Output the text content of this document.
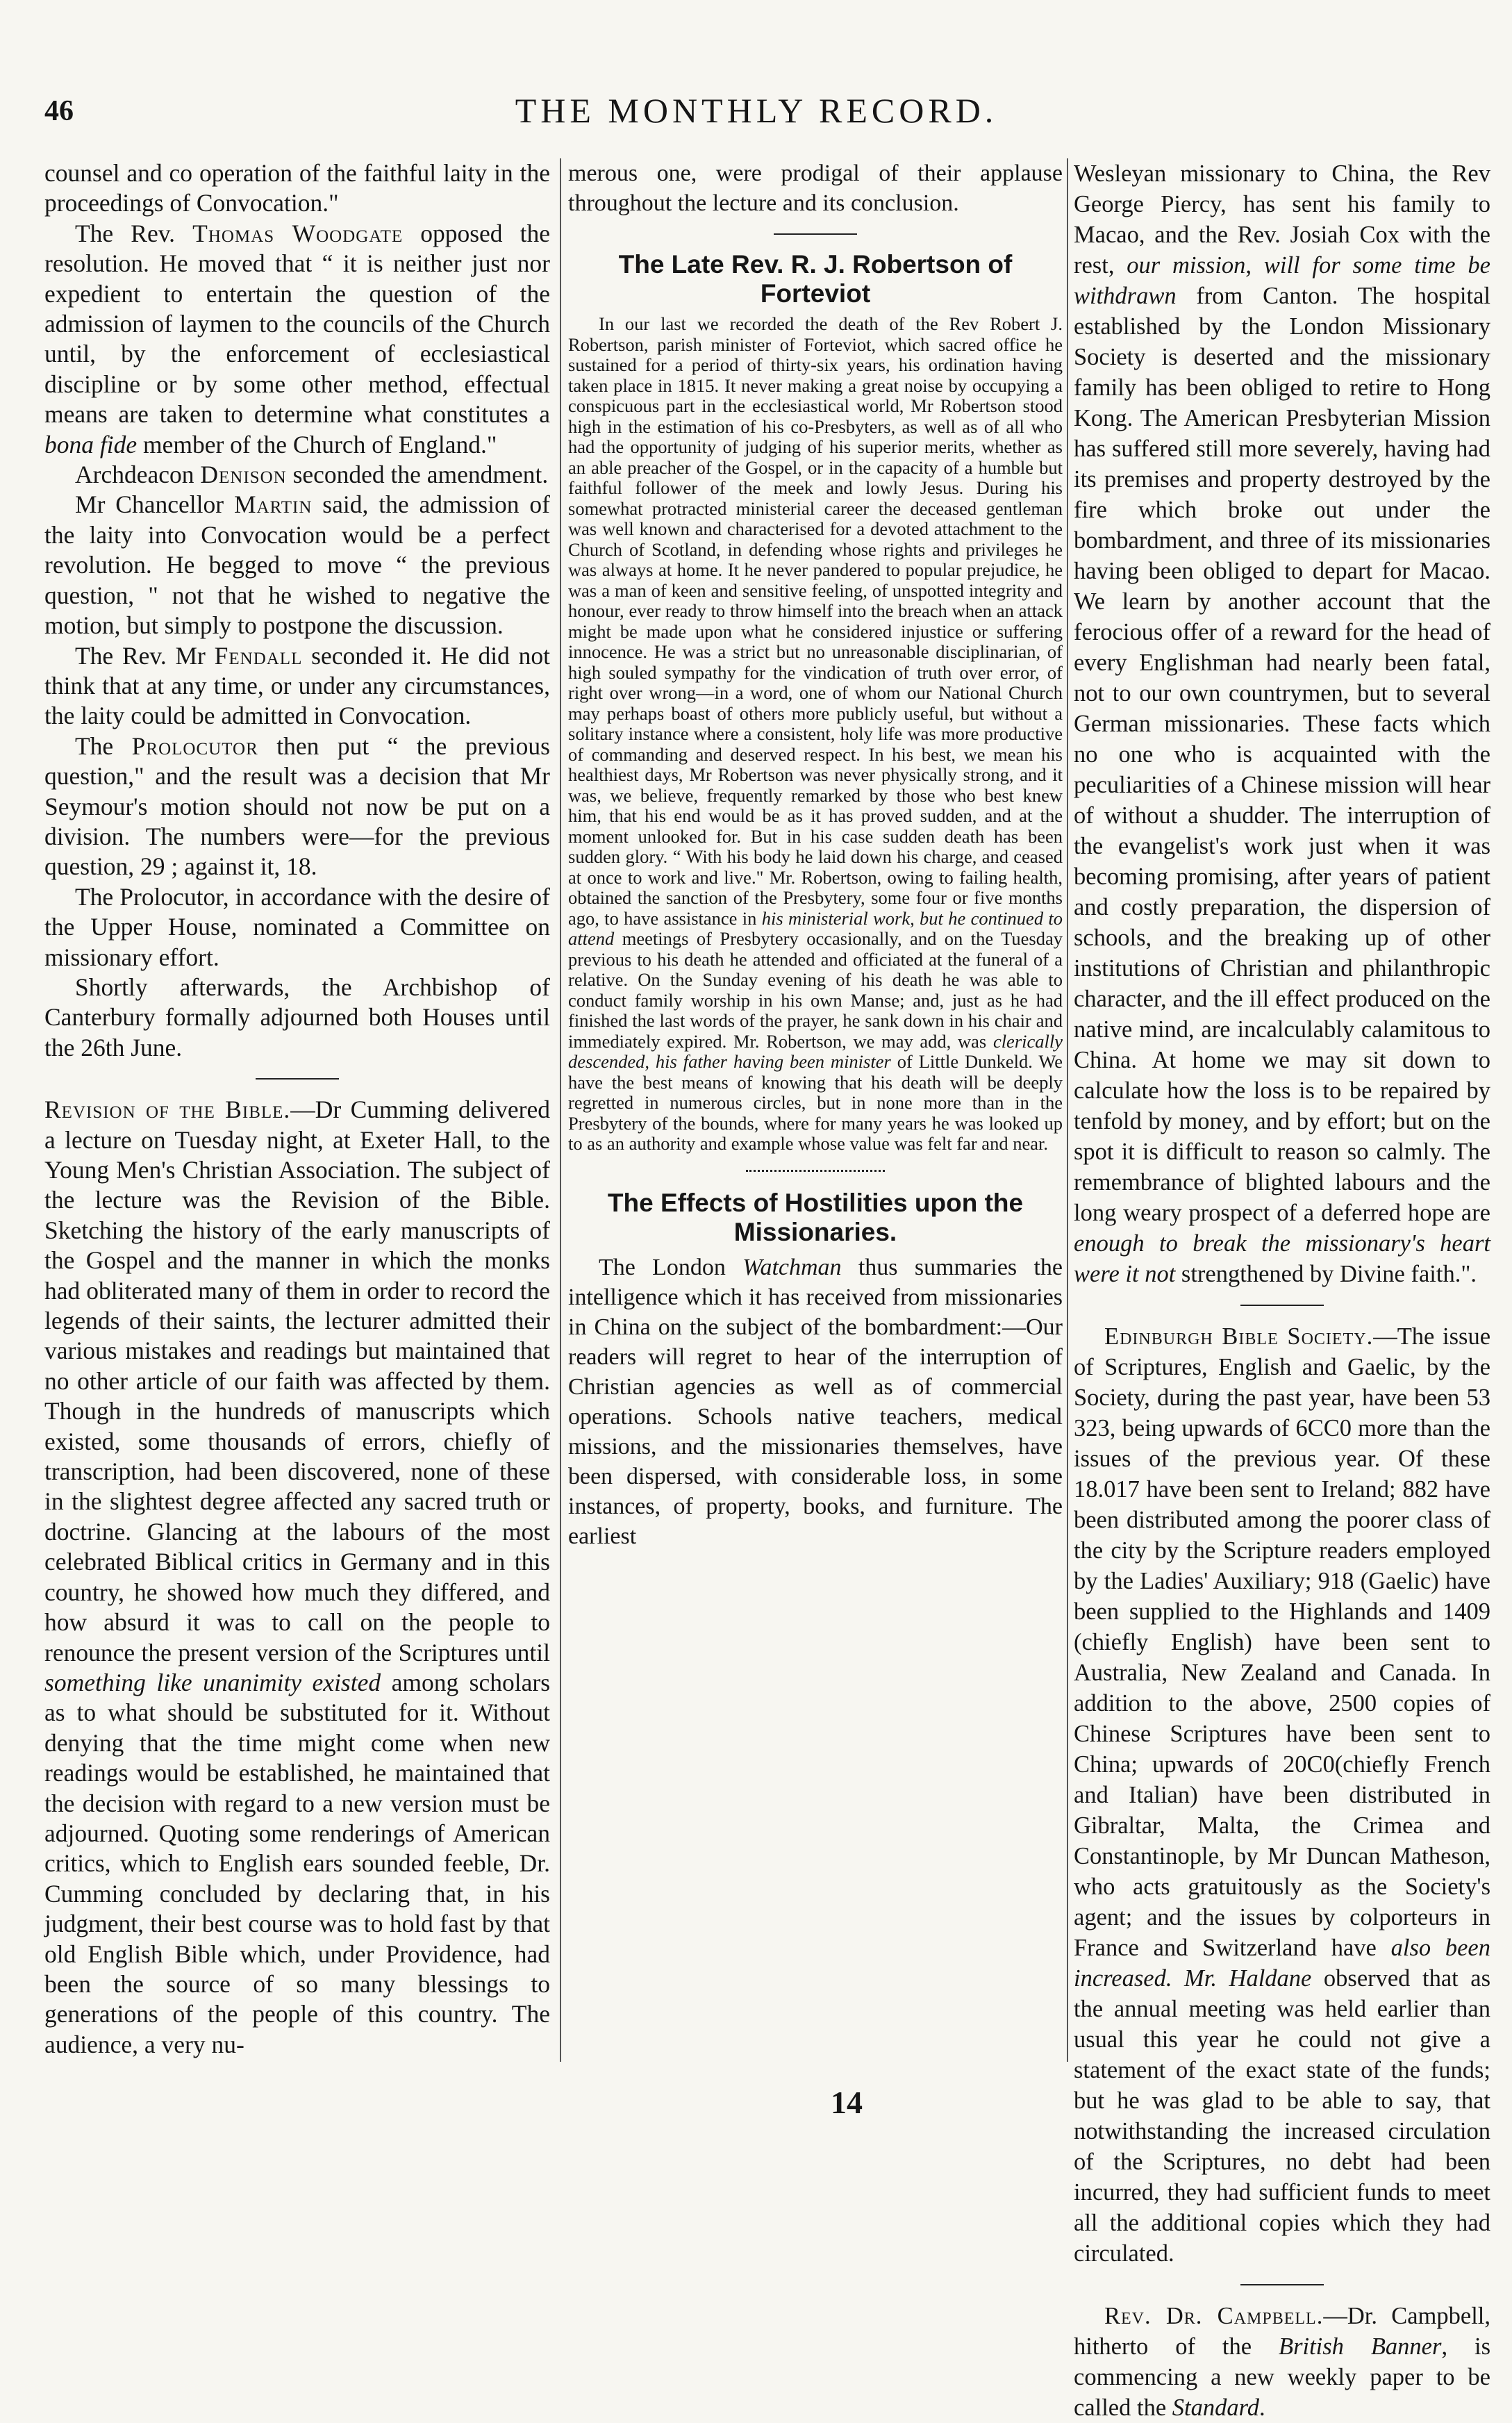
46	THE MONTHLY RECORD.

counsel and co operation of the faithful laity in the proceedings of Convocation."

The Rev. Thomas Woodgate opposed the resolution. He moved that “ it is neither just nor expedient to entertain the question of the admission of laymen to the councils of the Church until, by the enforcement of ecclesiastical discipline or by some other method, effectual means are taken to determine what constitutes a bona fide member of the Church of England."

Archdeacon Denison seconded the amendment.

Mr Chancellor Martin said, the admission of the laity into Convocation would be a perfect revolution. He begged to move “ the previous question, " not that he wished to negative the motion, but simply to postpone the discussion.

The Rev. Mr Fendall seconded it. He did not think that at any time, or under any circumstances, the laity could be admitted in Convocation.

The Prolocutor then put “ the previous question," and the result was a decision that Mr Seymour's motion should not now be put on a division. The numbers were—for the previous question, 29 ; against it, 18.

The Prolocutor, in accordance with the desire of the Upper House, nominated a Committee on missionary effort.

Shortly afterwards, the Archbishop of Canterbury formally adjourned both Houses until the 26th June.

Revision of the Bible.—Dr Cumming delivered a lecture on Tuesday night, at Exeter Hall, to the Young Men's Christian Association. The subject of the lecture was the Revision of the Bible. Sketching the history of the early manuscripts of the Gospel and the manner in which the monks had obliterated many of them in order to record the legends of their saints, the lecturer admitted their various mistakes and readings but maintained that no other article of our faith was affected by them. Though in the hundreds of manuscripts which existed, some thousands of errors, chiefly of transcription, had been discovered, none of these in the slightest degree affected any sacred truth or doctrine. Glancing at the labours of the most celebrated Biblical critics in Germany and in this country, he showed how much they differed, and how absurd it was to call on the people to renounce the present version of the Scriptures until something like unanimity existed among scholars as to what should be substituted for it. Without denying that the time might come when new readings would be established, he maintained that the decision with regard to a new version must be adjourned. Quoting some renderings of American critics, which to English ears sounded feeble, Dr. Cumming concluded by declaring that, in his judgment, their best course was to hold fast by that old English Bible which, under Providence, had been the source of so many blessings to generations of the people of this country. The audience, a very nu-

merous one, were prodigal of their applause throughout the lecture and its conclusion.

The Late Rev. R. J. Robertson of Forteviot

In our last we recorded the death of the Rev Robert J. Robertson, parish minister of Forteviot, which sacred office he sustained for a period of thirty-six years, his ordination having taken place in 1815. It never making a great noise by occupying a conspicuous part in the ecclesiastical world, Mr Robertson stood high in the estimation of his co-Presbyters, as well as of all who had the opportunity of judging of his superior merits, whether as an able preacher of the Gospel, or in the capacity of a humble but faithful follower of the meek and lowly Jesus. During his somewhat protracted ministerial career the deceased gentleman was well known and characterised for a devoted attachment to the Church of Scotland, in defending whose rights and privileges he was always at home. It he never pandered to popular prejudice, he was a man of keen and sensitive feeling, of unspotted integrity and honour, ever ready to throw himself into the breach when an attack might be made upon what he considered injustice or suffering innocence. He was a strict but no unreasonable disciplinarian, of high souled sympathy for the vindication of truth over error, of right over wrong—in a word, one of whom our National Church may perhaps boast of others more publicly useful, but without a solitary instance where a consistent, holy life was more productive of commanding and deserved respect. In his best, we mean his healthiest days, Mr Robertson was never physically strong, and it was, we believe, frequently remarked by those who best knew him, that his end would be as it has proved sudden, and at the moment unlooked for. But in his case sudden death has been sudden glory. “ With his body he laid down his charge, and ceased at once to work and live." Mr. Robertson, owing to failing health, obtained the sanction of the Presbytery, some four or five months ago, to have assistance in his ministerial work, but he continued to attend meetings of Presbytery occasionally, and on the Tuesday previous to his death he attended and officiated at the funeral of a relative. On the Sunday evening of his death he was able to conduct family worship in his own Manse; and, just as he had finished the last words of the prayer, he sank down in his chair and immediately expired. Mr. Robertson, we may add, was clerically descended, his father having been minister of Little Dunkeld. We have the best means of knowing that his death will be deeply regretted in numerous circles, but in none more than in the Presbytery of the bounds, where for many years he was looked up to as an authority and example whose value was felt far and near.

The Effects of Hostilities upon the Missionaries.

The London Watchman thus summaries the intelligence which it has received from missionaries in China on the subject of the bombardment:—Our readers will regret to hear of the interruption of Christian agencies as well as of commercial operations. Schools native teachers, medical missions, and the missionaries themselves, have been dispersed, with considerable loss, in some instances, of property, books, and furniture. The earliest

Wesleyan missionary to China, the Rev George Piercy, has sent his family to Macao, and the Rev. Josiah Cox with the rest, our mission, will for some time be withdrawn from Canton. The hospital established by the London Missionary Society is deserted and the missionary family has been obliged to retire to Hong Kong. The American Presbyterian Mission has suffered still more severely, having had its premises and property destroyed by the fire which broke out under the bombardment, and three of its missionaries having been obliged to depart for Macao. We learn by another account that the ferocious offer of a reward for the head of every Englishman had nearly been fatal, not to our own countrymen, but to several German missionaries. These facts which no one who is acquainted with the peculiarities of a Chinese mission will hear of without a shudder. The interruption of the evangelist's work just when it was becoming promising, after years of patient and costly preparation, the dispersion of schools, and the breaking up of other institutions of Christian and philanthropic character, and the ill effect produced on the native mind, are incalculably calamitous to China. At home we may sit down to calculate how the loss is to be repaired by tenfold by money, and by effort; but on the spot it is difficult to reason so calmly. The remembrance of blighted labours and the long weary prospect of a deferred hope are enough to break the missionary's heart were it not strengthened by Divine faith.".

Edinburgh Bible Society.—The issue of Scriptures, English and Gaelic, by the Society, during the past year, have been 53 323, being upwards of 6CC0 more than the issues of the previous year. Of these 18.017 have been sent to Ireland; 882 have been distributed among the poorer class of the city by the Scripture readers employed by the Ladies' Auxiliary; 918 (Gaelic) have been supplied to the Highlands and 1409 (chiefly English) have been sent to Australia, New Zealand and Canada. In addition to the above, 2500 copies of Chinese Scriptures have been sent to China; upwards of 20C0(chiefly French and Italian) have been distributed in Gibraltar, Malta, the Crimea and Constantinople, by Mr Duncan Matheson, who acts gratuitously as the Society's agent; and the issues by colporteurs in France and Switzerland have also been increased. Mr. Haldane observed that as the annual meeting was held earlier than usual this year he could not give a statement of the exact state of the funds; but he was glad to be able to say, that notwithstanding the increased circulation of the Scriptures, no debt had been incurred, they had sufficient funds to meet all the additional copies which they had circulated.

Rev. Dr. Campbell.—Dr. Campbell, hitherto of the British Banner, is commencing a new weekly paper to be called the Standard.

14
